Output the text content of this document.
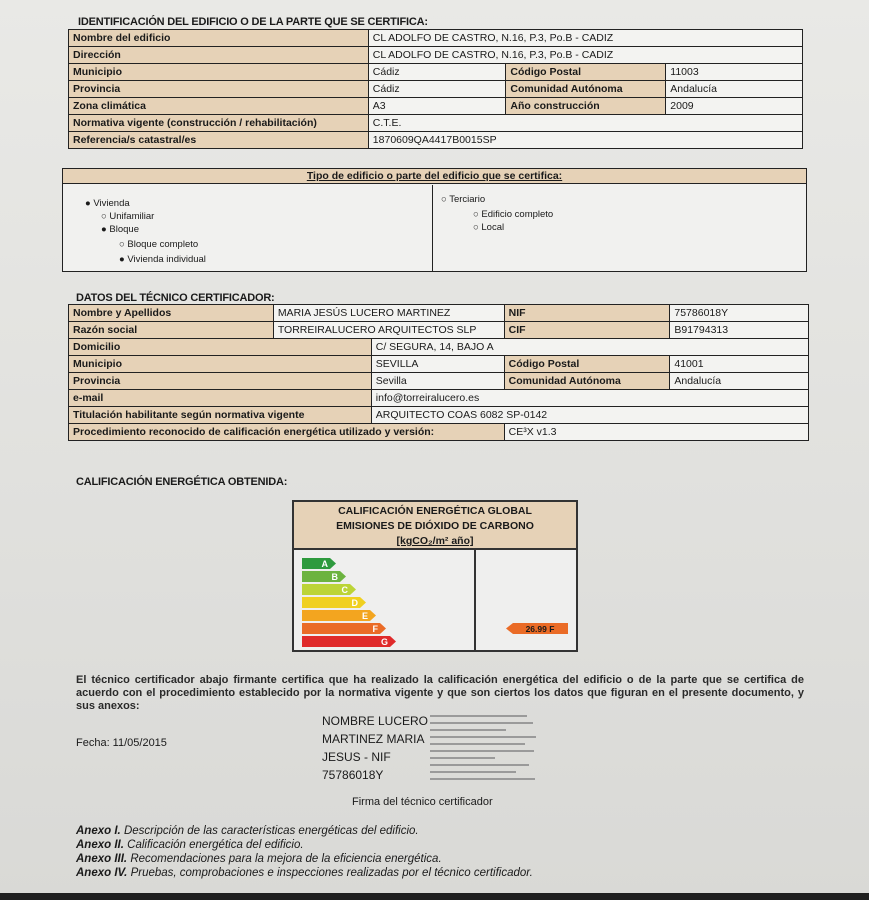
IDENTIFICACIÓN DEL EDIFICIO O DE LA PARTE QUE SE CERTIFICA:
Nombre del edificio	CL ADOLFO DE CASTRO, N.16, P.3, Po.B - CADIZ		
Dirección	CL ADOLFO DE CASTRO, N.16, P.3, Po.B - CADIZ		
Municipio	Cádiz	Código Postal	11003
Provincia	Cádiz	Comunidad Autónoma	Andalucía
Zona climática	A3	Año construcción	2009
Normativa vigente (construcción / rehabilitación)	C.T.E.		
Referencia/s catastral/es	1870609QA4417B0015SP		
Tipo de edificio o parte del edificio que se certifica:
● Vivienda
○ Unifamiliar
● Bloque
○ Bloque completo
● Vivienda individual
○ Terciario
○ Edificio completo
○ Local
DATOS DEL TÉCNICO CERTIFICADOR:
Nombre y Apellidos	MARIA JESÚS LUCERO MARTINEZ		NIF	75786018Y
Razón social	TORREIRALUCERO ARQUITECTOS SLP		CIF	B91794313
Domicilio		C/ SEGURA, 14, BAJO A		
Municipio		SEVILLA	Código Postal	41001
Provincia		Sevilla	Comunidad Autónoma	Andalucía
e-mail		info@torreiralucero.es		
Titulación habilitante según normativa vigente		ARQUITECTO COAS 6082 SP-0142		
Procedimiento reconocido de calificación energética utilizado y versión:			CE³X v1.3	
CALIFICACIÓN ENERGÉTICA OBTENIDA:
CALIFICACIÓN ENERGÉTICA GLOBAL
EMISIONES DE DIÓXIDO DE CARBONO
[kgCO₂/m² año]
A
B
C
D
E
F
G
26.99 F
El técnico certificador abajo firmante certifica que ha realizado la calificación energética del edificio o de la parte que se certifica de acuerdo con el procedimiento establecido por la normativa vigente y que son ciertos los datos que figuran en el presente documento, y sus anexos:
Fecha: 11/05/2015
NOMBRE LUCERO
MARTINEZ MARIA
JESUS - NIF
75786018Y
Firma del técnico certificador
Anexo I. Descripción de las características energéticas del edificio.
Anexo II. Calificación energética del edificio.
Anexo III. Recomendaciones para la mejora de la eficiencia energética.
Anexo IV. Pruebas, comprobaciones e inspecciones realizadas por el técnico certificador.
